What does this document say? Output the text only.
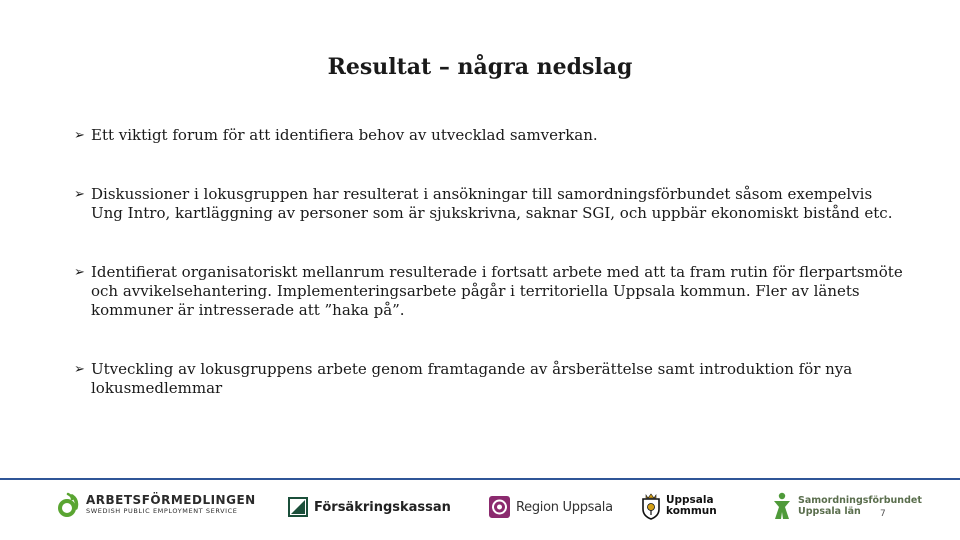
Resultat – några nedslag
➢ Ett viktigt forum för att identifiera behov av utvecklad samverkan.
➢ Diskussioner i lokusgruppen har resulterat i ansökningar till samordningsförbundet såsom exempelvis Ung Intro, kartläggning av personer som är sjukskrivna, saknar SGI, och uppbär ekonomiskt bistånd etc.
➢ Identifierat organisatoriskt mellanrum resulterade i fortsatt arbete med att ta fram rutin för flerpartsmöte och avvikelsehantering. Implementeringsarbete pågår i territoriella Uppsala kommun. Fler av länets kommuner är intresserade att ”haka på”.
➢ Utveckling av lokusgruppens arbete genom framtagande av årsberättelse samt introduktion för nya lokusmedlemmar
ARBETSFÖRMEDLINGEN
SWEDISH PUBLIC EMPLOYMENT SERVICE	Försäkringskassan	Region Uppsala	Uppsala
kommun
Samordningsförbundet
Uppsala län	7
